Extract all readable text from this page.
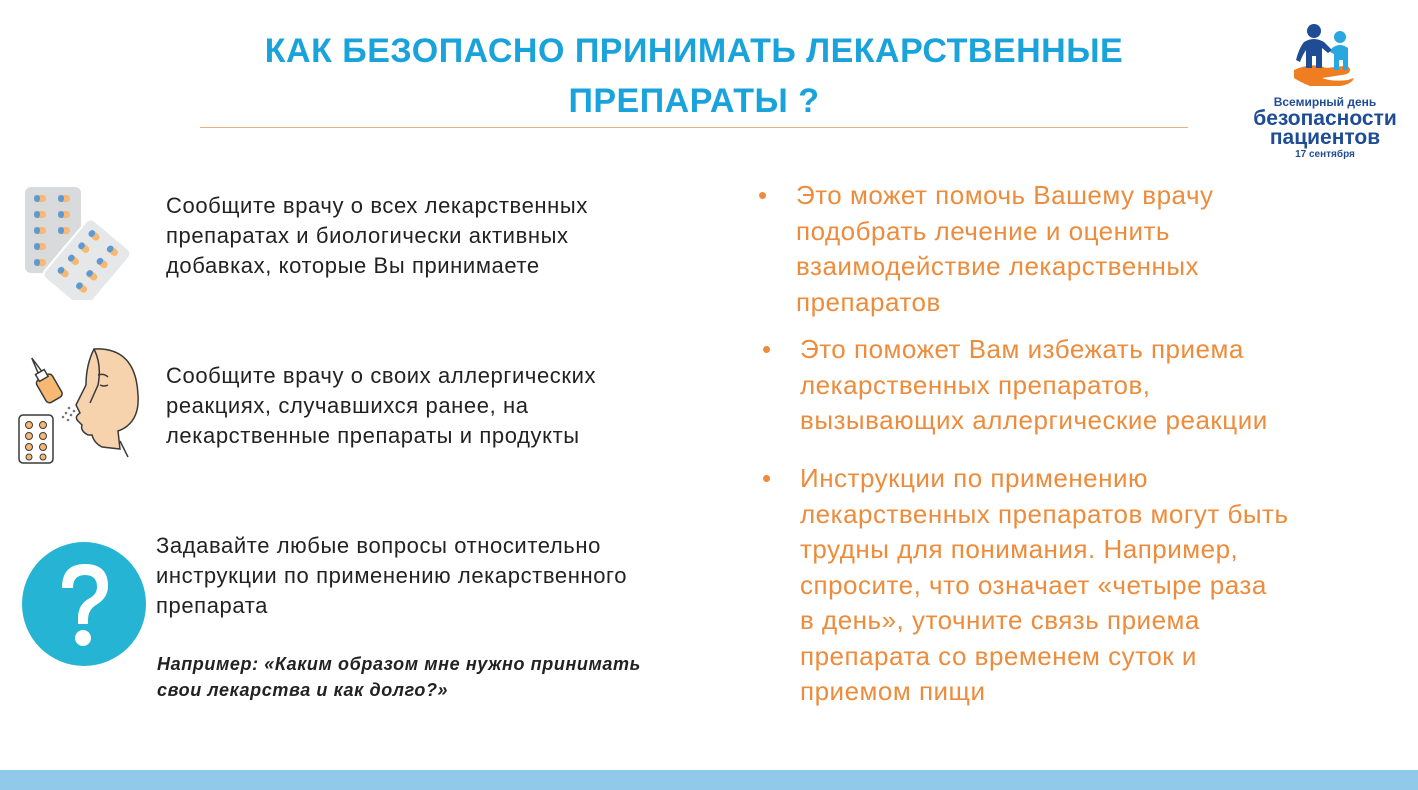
КАК БЕЗОПАСНО ПРИНИМАТЬ ЛЕКАРСТВЕННЫЕ
ПРЕПАРАТЫ ?	Всемирный день
безопасности
пациентов
17 сентября
Сообщите врачу о всех лекарственных
препаратах и биологически активных
добавках, которые Вы принимаете
Сообщите врачу о своих аллергических
реакциях, случавшихся ранее, на
лекарственные препараты и продукты
Задавайте любые вопросы относительно
инструкции по применению лекарственного
препарата
Например: «Каким образом мне нужно принимать
свои лекарства и как долго?»
• Это может помочь Вашему врачу
подобрать лечение и оценить
взаимодействие лекарственных
препаратов
• Это поможет Вам избежать приема
лекарственных препаратов,
вызывающих аллергические реакции
• Инструкции по применению
лекарственных препаратов могут быть
трудны для понимания. Например,
спросите, что означает «четыре раза
в день», уточните связь приема
препарата со временем суток и
приемом пищи
